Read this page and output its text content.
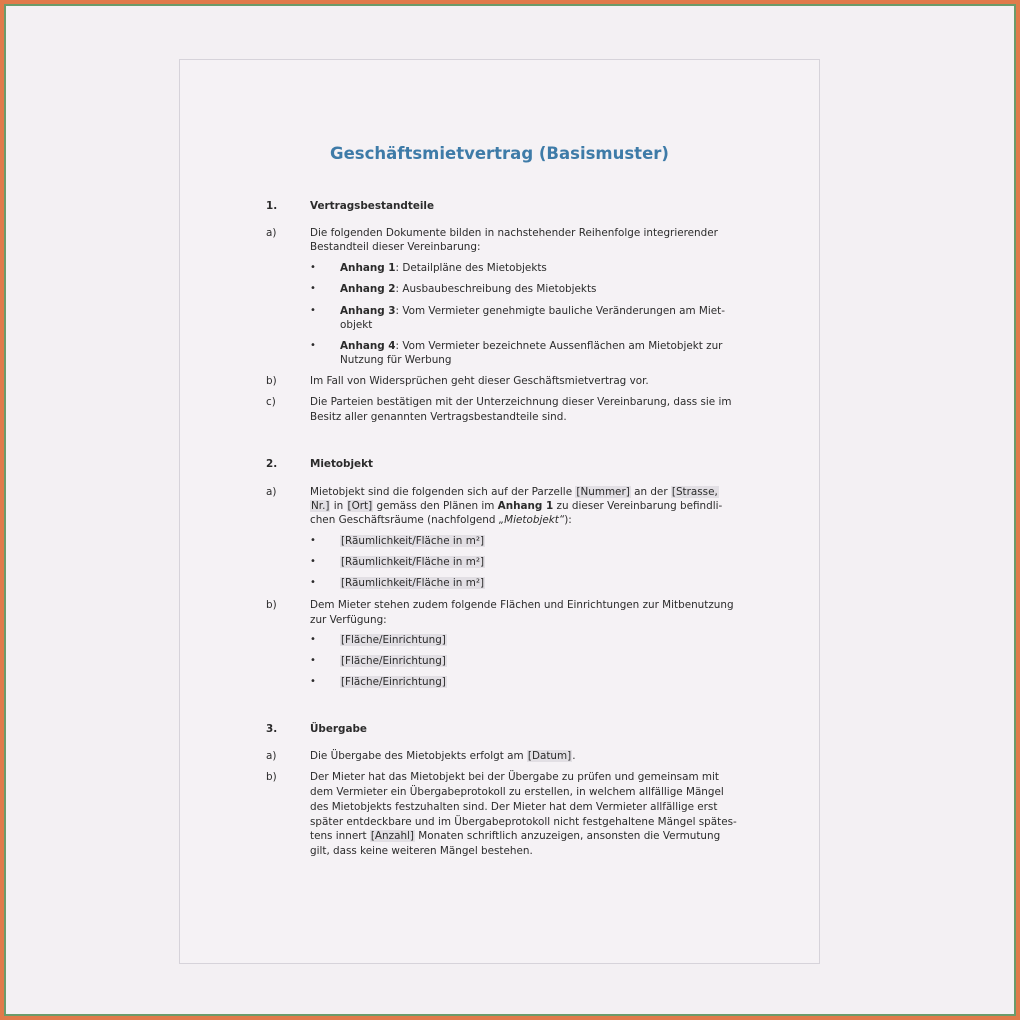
Geschäftsmietvertrag (Basismuster)
1.	Vertragsbestandteile
a)	Die folgenden Dokumente bilden in nachstehender Reihenfolge integrierender
Bestandteil dieser Vereinbarung:
• Anhang 1: Detailpläne des Mietobjekts
• Anhang 2: Ausbaubeschreibung des Mietobjekts
• Anhang 3: Vom Vermieter genehmigte bauliche Veränderungen am Miet-
objekt
• Anhang 4: Vom Vermieter bezeichnete Aussenflächen am Mietobjekt zur
Nutzung für Werbung
b)	Im Fall von Widersprüchen geht dieser Geschäftsmietvertrag vor.
c)	Die Parteien bestätigen mit der Unterzeichnung dieser Vereinbarung, dass sie im
Besitz aller genannten Vertragsbestandteile sind.
2.	Mietobjekt
a)	Mietobjekt sind die folgenden sich auf der Parzelle [Nummer] an der [Strasse,
Nr.] in [Ort] gemäss den Plänen im Anhang 1 zu dieser Vereinbarung befindli-
chen Geschäftsräume (nachfolgend „Mietobjekt“):
• [Räumlichkeit/Fläche in m²]
• [Räumlichkeit/Fläche in m²]
• [Räumlichkeit/Fläche in m²]
b)	Dem Mieter stehen zudem folgende Flächen und Einrichtungen zur Mitbenutzung
zur Verfügung:
• [Fläche/Einrichtung]
• [Fläche/Einrichtung]
• [Fläche/Einrichtung]
3.	Übergabe
a)	Die Übergabe des Mietobjekts erfolgt am [Datum].
b)	Der Mieter hat das Mietobjekt bei der Übergabe zu prüfen und gemeinsam mit
dem Vermieter ein Übergabeprotokoll zu erstellen, in welchem allfällige Mängel
des Mietobjekts festzuhalten sind. Der Mieter hat dem Vermieter allfällige erst
später entdeckbare und im Übergabeprotokoll nicht festgehaltene Mängel spätes-
tens innert [Anzahl] Monaten schriftlich anzuzeigen, ansonsten die Vermutung
gilt, dass keine weiteren Mängel bestehen.
